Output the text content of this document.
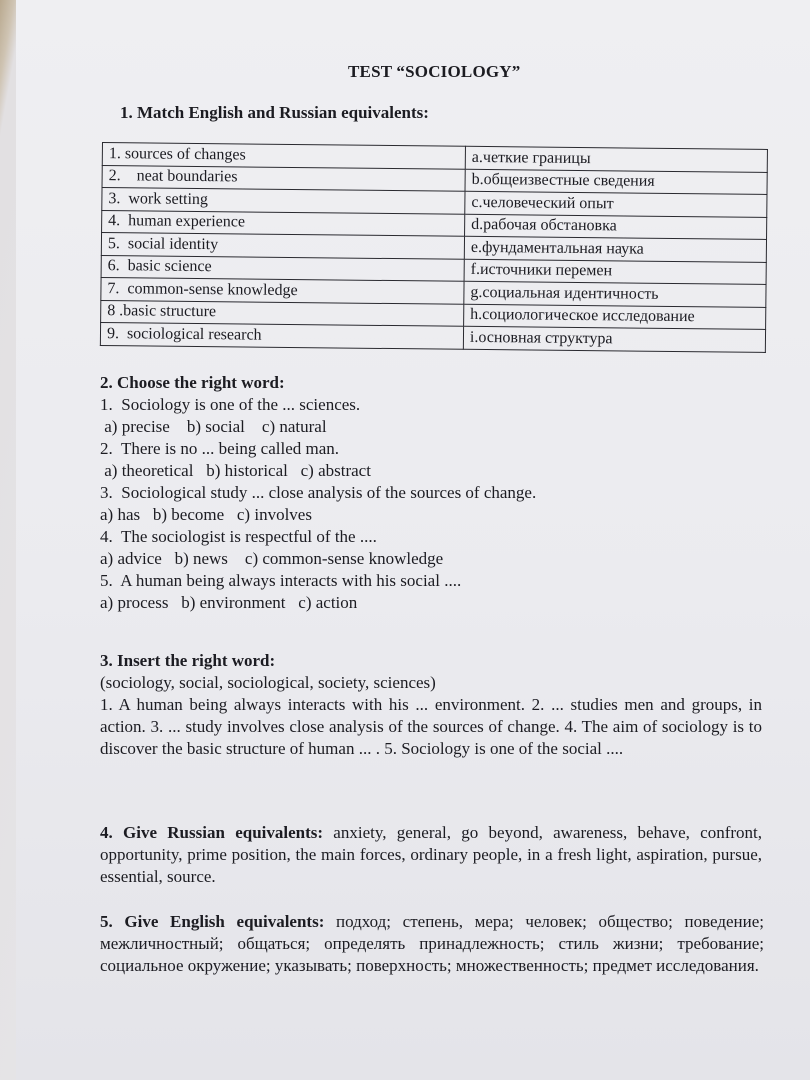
TEST “SOCIOLOGY”
1. Match English and Russian equivalents:
1. sources of changes	a.четкие границы
2.    neat boundaries	b.общеизвестные сведения
3.  work setting	c.человеческий опыт
4.  human experience	d.рабочая обстановка
5.  social identity	e.фундаментальная наука
6.  basic science	f.источники перемен
7.  common-sense knowledge	g.социальная идентичность
8 .basic structure	h.социологическое исследование
9.  sociological research	i.основная структура
2. Choose the right word:
1.  Sociology is one of the ... sciences.
a) precise    b) social    c) natural
2.  There is no ... being called man.
a) theoretical   b) historical   c) abstract
3.  Sociological study ... close analysis of the sources of change.
a) has   b) become   c) involves
4.  The sociologist is respectful of the ....
a) advice   b) news    c) common-sense knowledge
5.  A human being always interacts with his social ....
a) process   b) environment   c) action
3. Insert the right word:
(sociology, social, sociological, society, sciences)
1. A human being always interacts with his ... environment. 2. ... studies men and groups, in action. 3. ... study involves close analysis of the sources of change. 4. The aim of sociology is to discover the basic structure of human ... . 5. Sociology is one of the social ....
4. Give Russian equivalents: anxiety, general, go beyond, awareness, behave, confront, opportunity, prime position, the main forces, ordinary people, in a fresh light, aspiration, pursue, essential, source.
5. Give English equivalents: подход; степень, мера; человек; общество; поведение; межличностный; общаться; определять принадлежность; стиль жизни; требование; социальное окружение; указывать; поверхность; множественность; предмет исследования.
